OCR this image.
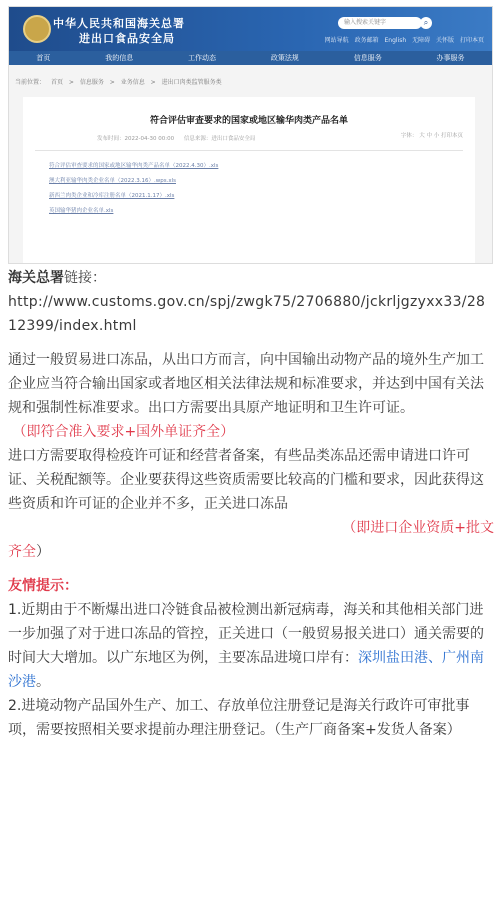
中华人民共和国海关总署
进出口食品安全局
输入搜索关键字	⌕
网站导航 政务邮箱 English 无障碍 关怀版 打印本页
首页	我的信息	工作动态	政策法规	信息服务	办事服务
当前位置： 首页 > 信息服务 > 业务信息 > 进出口肉类监管服务类
符合评估审查要求的国家或地区输华肉类产品名单
发布时间：2022-04-30 00:00 信息来源：进出口食品安全局	字体： 大 中 小 打印本页
符合评估审查要求的国家或地区输华肉类产品名单（2022.4.30）.xls
澳大利亚输华肉类企业名单（2022.3.16）.wps.xls
新西兰肉类企业和冷库注册名单（2021.1.17）.xls
英国输华猪肉企业名单.xls

海关总署链接：

http://www.customs.gov.cn/spj/zwgk75/2706880/jckrljgzyxx33/2812399/index.html

通过一般贸易进口冻品，从出口方而言，向中国输出动物产品的境外生产加工企业应当符合输出国家或者地区相关法律法规和标准要求，并达到中国有关法规和强制性标准要求。出口方需要出具原产地证明和卫生许可证。

（即符合准入要求+国外单证齐全）

进口方需要取得检疫许可证和经营者备案，有些品类冻品还需申请进口许可证、关税配额等。企业要获得这些资质需要比较高的门槛和要求，因此获得这些资质和许可证的企业并不多，正关进口冻品

（即进口企业资质+批文

齐全）

友情提示：

1.近期由于不断爆出进口冷链食品被检测出新冠病毒，海关和其他相关部门进一步加强了对于进口冻品的管控，正关进口（一般贸易报关进口）通关需要的时间大大增加。以广东地区为例，主要冻品进境口岸有：深圳盐田港、广州南沙港。

2.进境动物产品国外生产、加工、存放单位注册登记是海关行政许可审批事项，需要按照相关要求提前办理注册登记。（生产厂商备案+发货人备案）
